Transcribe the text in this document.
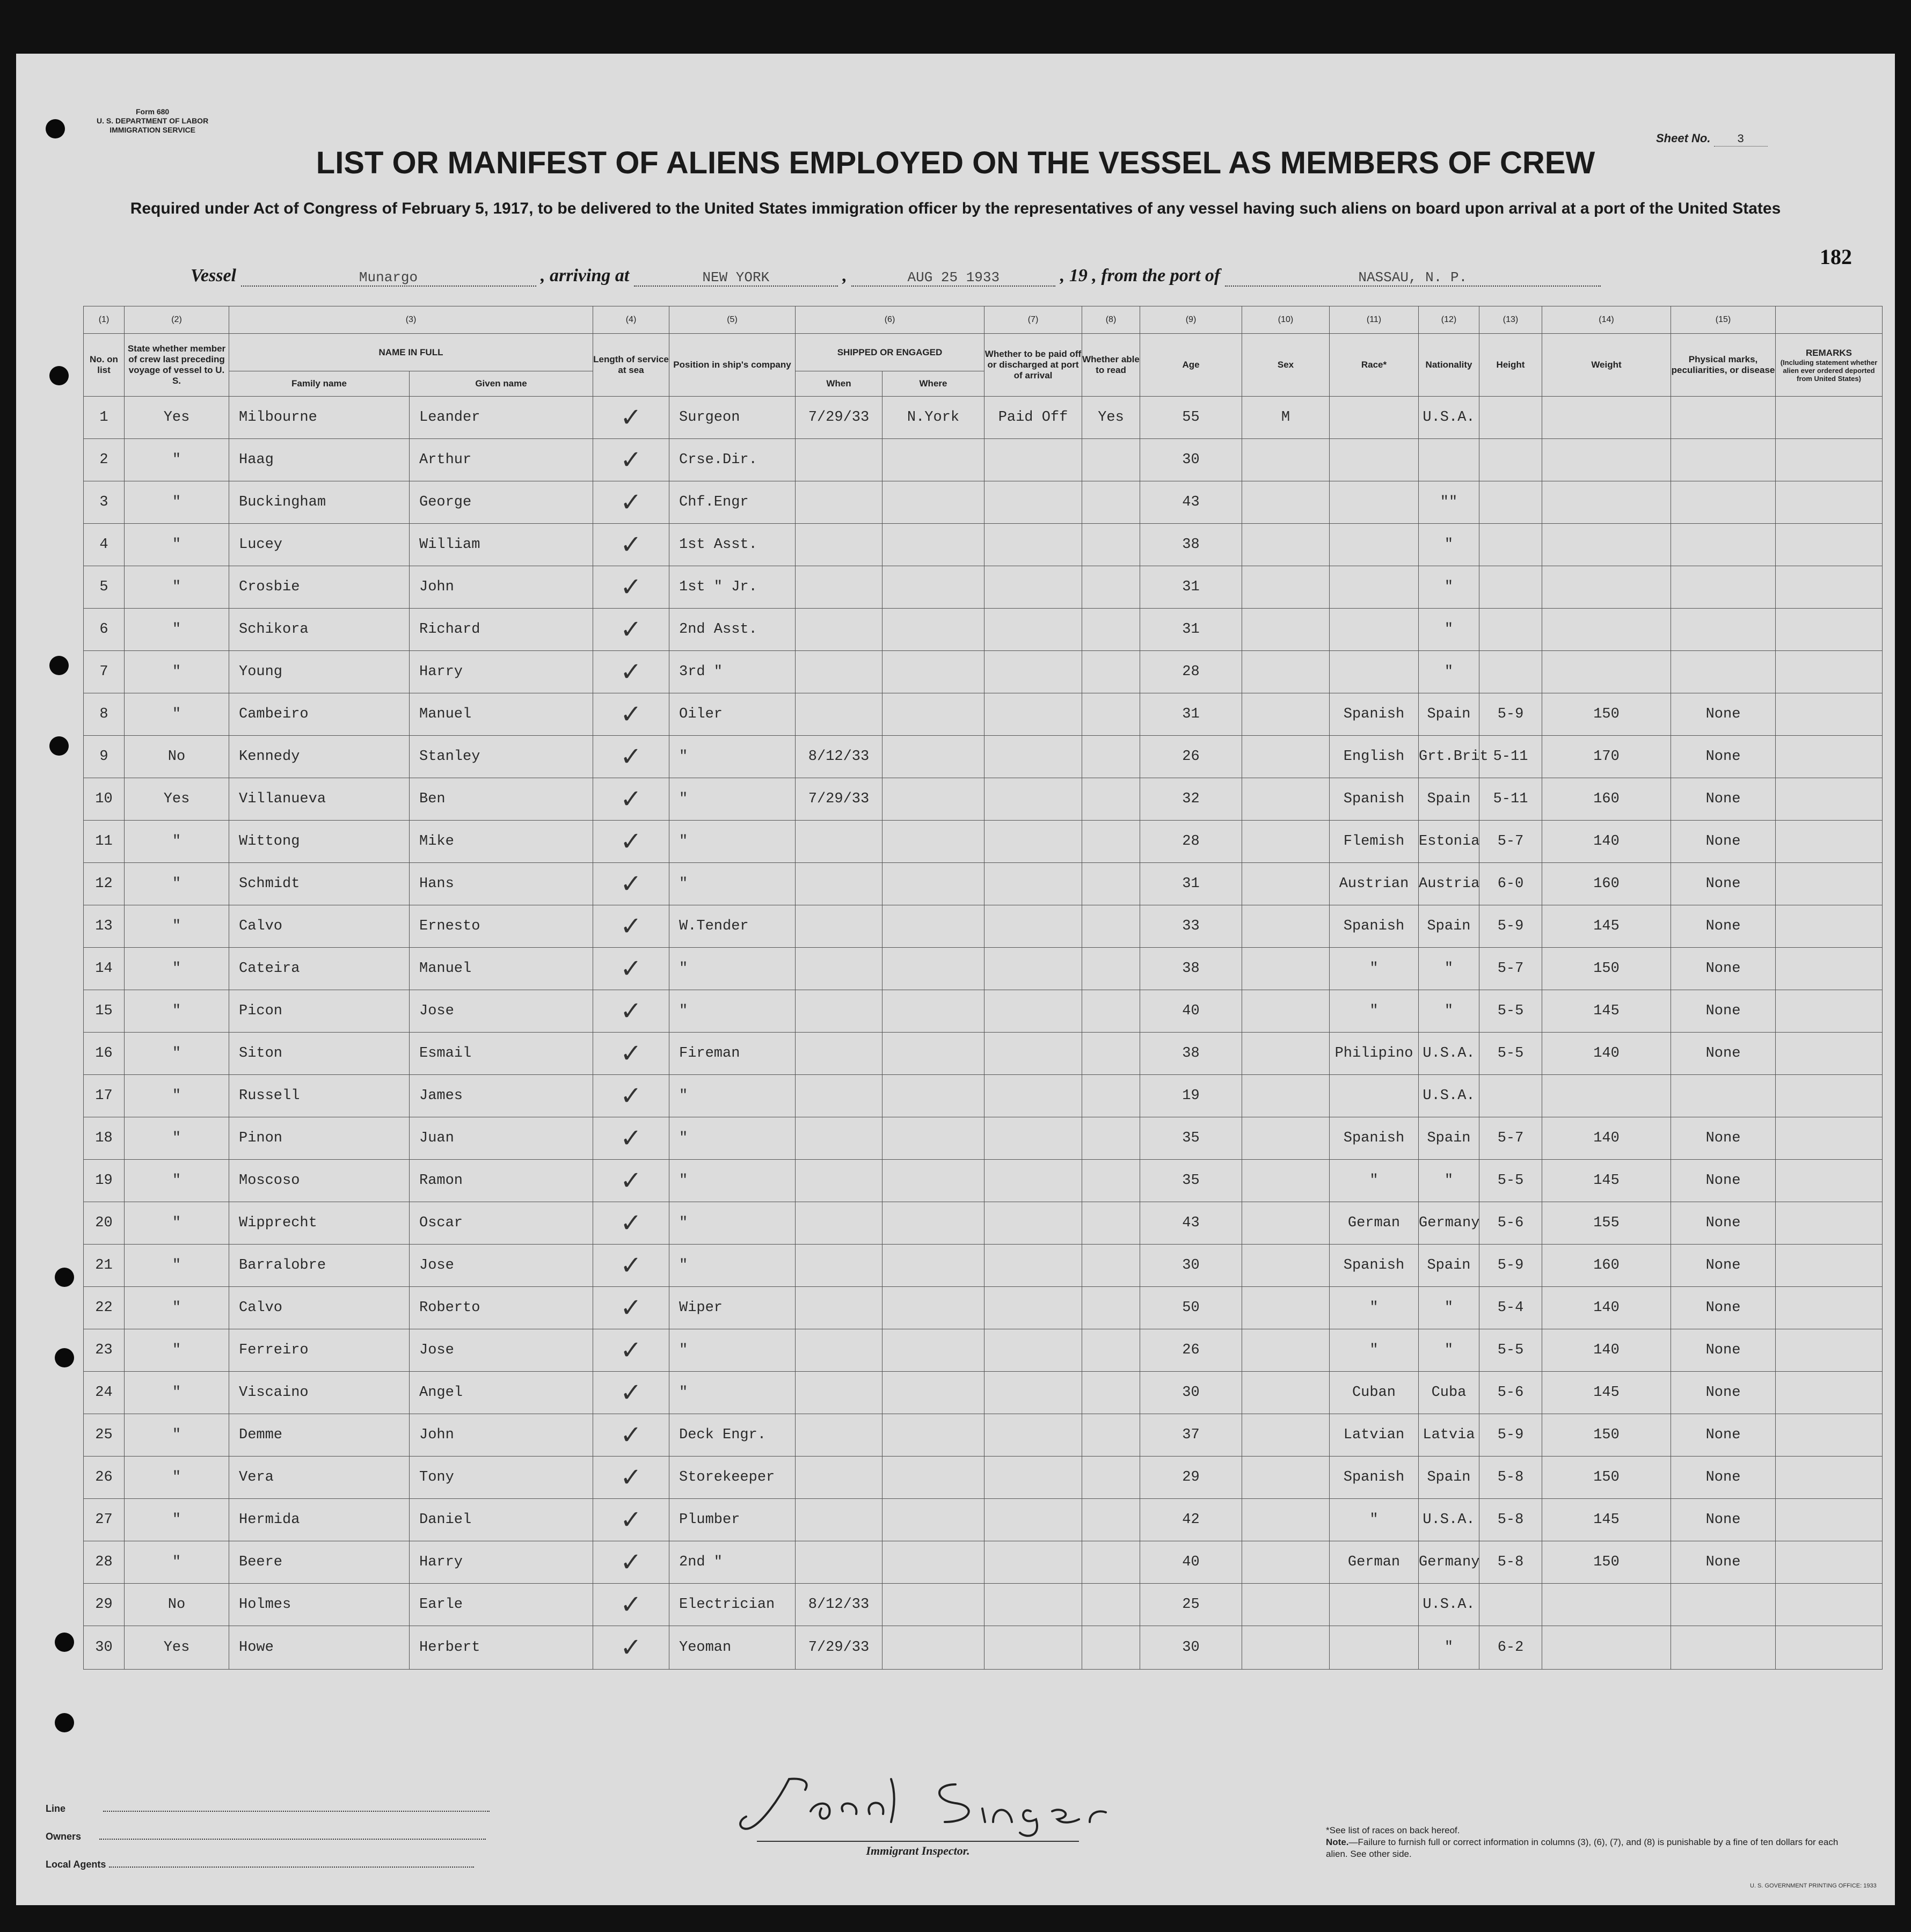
Form 680
U. S. DEPARTMENT OF LABOR
IMMIGRATION SERVICE
Sheet No. 3
LIST OR MANIFEST OF ALIENS EMPLOYED ON THE VESSEL AS MEMBERS OF CREW
Required under Act of Congress of February 5, 1917, to be delivered to the United States immigration officer by the representatives of any vessel having such aliens on board upon arrival at a port of the United States
Vessel	Munargo	, arriving at	NEW YORK	,	AUG 25 1933	, 19 , from the port of	NASSAU, N. P.
182
(1)	(2)	(3)		(4)	(5)	(6)		(7)	(8)	(9)	(10)	(11)	(12)	(13)	(14)	(15)	
No. on list	State whether member of crew last preceding voyage of vessel to U. S.	NAME IN FULL		Length of service at sea	Position in ship's company	SHIPPED OR ENGAGED		Whether to be paid off or discharged at port of arrival	Whether able to read	Age	Sex	Race*	Nationality	Height	Weight	Physical marks, peculiarities, or disease	REMARKS
(Including statement whether alien ever ordered deported from United States)

		Family name	Given name			When	Where										
1	Yes	Milbourne	Leander	✓	Surgeon	7/29/33	N.York	Paid Off	Yes	55	M		U.S.A.				
2	"	Haag	Arthur	✓	Crse.Dir.					30							
3	"	Buckingham	George	✓	Chf.Engr					43			""				
4	"	Lucey	William	✓	1st Asst.					38			"				
5	"	Crosbie	John	✓	1st " Jr.					31			"				
6	"	Schikora	Richard	✓	2nd Asst.					31			"				
7	"	Young	Harry	✓	3rd "					28			"				
8	"	Cambeiro	Manuel	✓	Oiler					31		Spanish	Spain	5-9	150	None	
9	No	Kennedy	Stanley	✓	"	8/12/33				26		English	Grt.Brit	5-11	170	None	
10	Yes	Villanueva	Ben	✓	"	7/29/33				32		Spanish	Spain	5-11	160	None	
11	"	Wittong	Mike	✓	"					28		Flemish	Estonia	5-7	140	None	
12	"	Schmidt	Hans	✓	"					31		Austrian	Austria	6-0	160	None	
13	"	Calvo	Ernesto	✓	W.Tender					33		Spanish	Spain	5-9	145	None	
14	"	Cateira	Manuel	✓	"					38		"	"	5-7	150	None	
15	"	Picon	Jose	✓	"					40		"	"	5-5	145	None	
16	"	Siton	Esmail	✓	Fireman					38		Philipino	U.S.A.	5-5	140	None	
17	"	Russell	James	✓	"					19			U.S.A.				
18	"	Pinon	Juan	✓	"					35		Spanish	Spain	5-7	140	None	
19	"	Moscoso	Ramon	✓	"					35		"	"	5-5	145	None	
20	"	Wipprecht	Oscar	✓	"					43		German	Germany	5-6	155	None	
21	"	Barralobre	Jose	✓	"					30		Spanish	Spain	5-9	160	None	
22	"	Calvo	Roberto	✓	Wiper					50		"	"	5-4	140	None	
23	"	Ferreiro	Jose	✓	"					26		"	"	5-5	140	None	
24	"	Viscaino	Angel	✓	"					30		Cuban	Cuba	5-6	145	None	
25	"	Demme	John	✓	Deck Engr.					37		Latvian	Latvia	5-9	150	None	
26	"	Vera	Tony	✓	Storekeeper					29		Spanish	Spain	5-8	150	None	
27	"	Hermida	Daniel	✓	Plumber					42		"	U.S.A.	5-8	145	None	
28	"	Beere	Harry	✓	2nd "					40		German	Germany	5-8	150	None	
29	No	Holmes	Earle	✓	Electrician	8/12/33				25			U.S.A.				
30	Yes	Howe	Herbert	✓	Yeoman	7/29/33				30			"	6-2			
Line
Owners
Local Agents
Immigrant Inspector.
*See list of races on back hereof.
Note.—Failure to furnish full or correct information in columns (3), (6), (7), and (8) is punishable by a fine of ten dollars for each alien. See other side.
U. S. GOVERNMENT PRINTING OFFICE: 1933
